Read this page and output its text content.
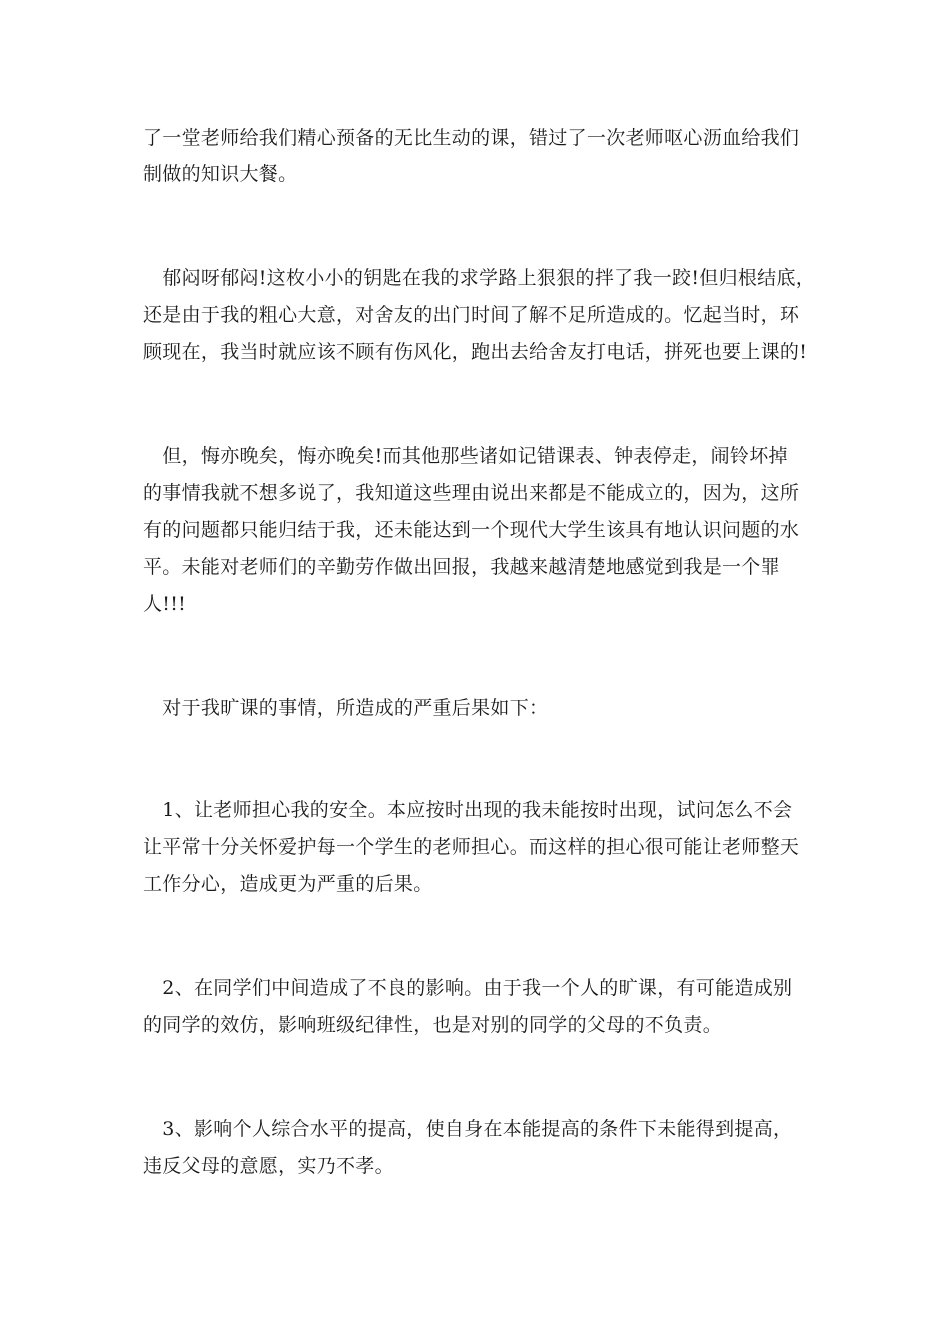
了一堂老师给我们精心预备的无比生动的课，错过了一次老师呕心沥血给我们
制做的知识大餐。
　郁闷呀郁闷!这枚小小的钥匙在我的求学路上狠狠的拌了我一跤!但归根结底，
还是由于我的粗心大意，对舍友的出门时间了解不足所造成的。忆起当时，环
顾现在，我当时就应该不顾有伤风化，跑出去给舍友打电话，拼死也要上课的!
　但，悔亦晚矣，悔亦晚矣!而其他那些诸如记错课表、钟表停走，闹铃坏掉
的事情我就不想多说了，我知道这些理由说出来都是不能成立的，因为，这所
有的问题都只能归结于我，还未能达到一个现代大学生该具有地认识问题的水
平。未能对老师们的辛勤劳作做出回报，我越来越清楚地感觉到我是一个罪
人!!!
　对于我旷课的事情，所造成的严重后果如下：
　1、让老师担心我的安全。本应按时出现的我未能按时出现，试问怎么不会
让平常十分关怀爱护每一个学生的老师担心。而这样的担心很可能让老师整天
工作分心，造成更为严重的后果。
　2、在同学们中间造成了不良的影响。由于我一个人的旷课，有可能造成别
的同学的效仿，影响班级纪律性，也是对别的同学的父母的不负责。
　3、影响个人综合水平的提高，使自身在本能提高的条件下未能得到提高，
违反父母的意愿，实乃不孝。
